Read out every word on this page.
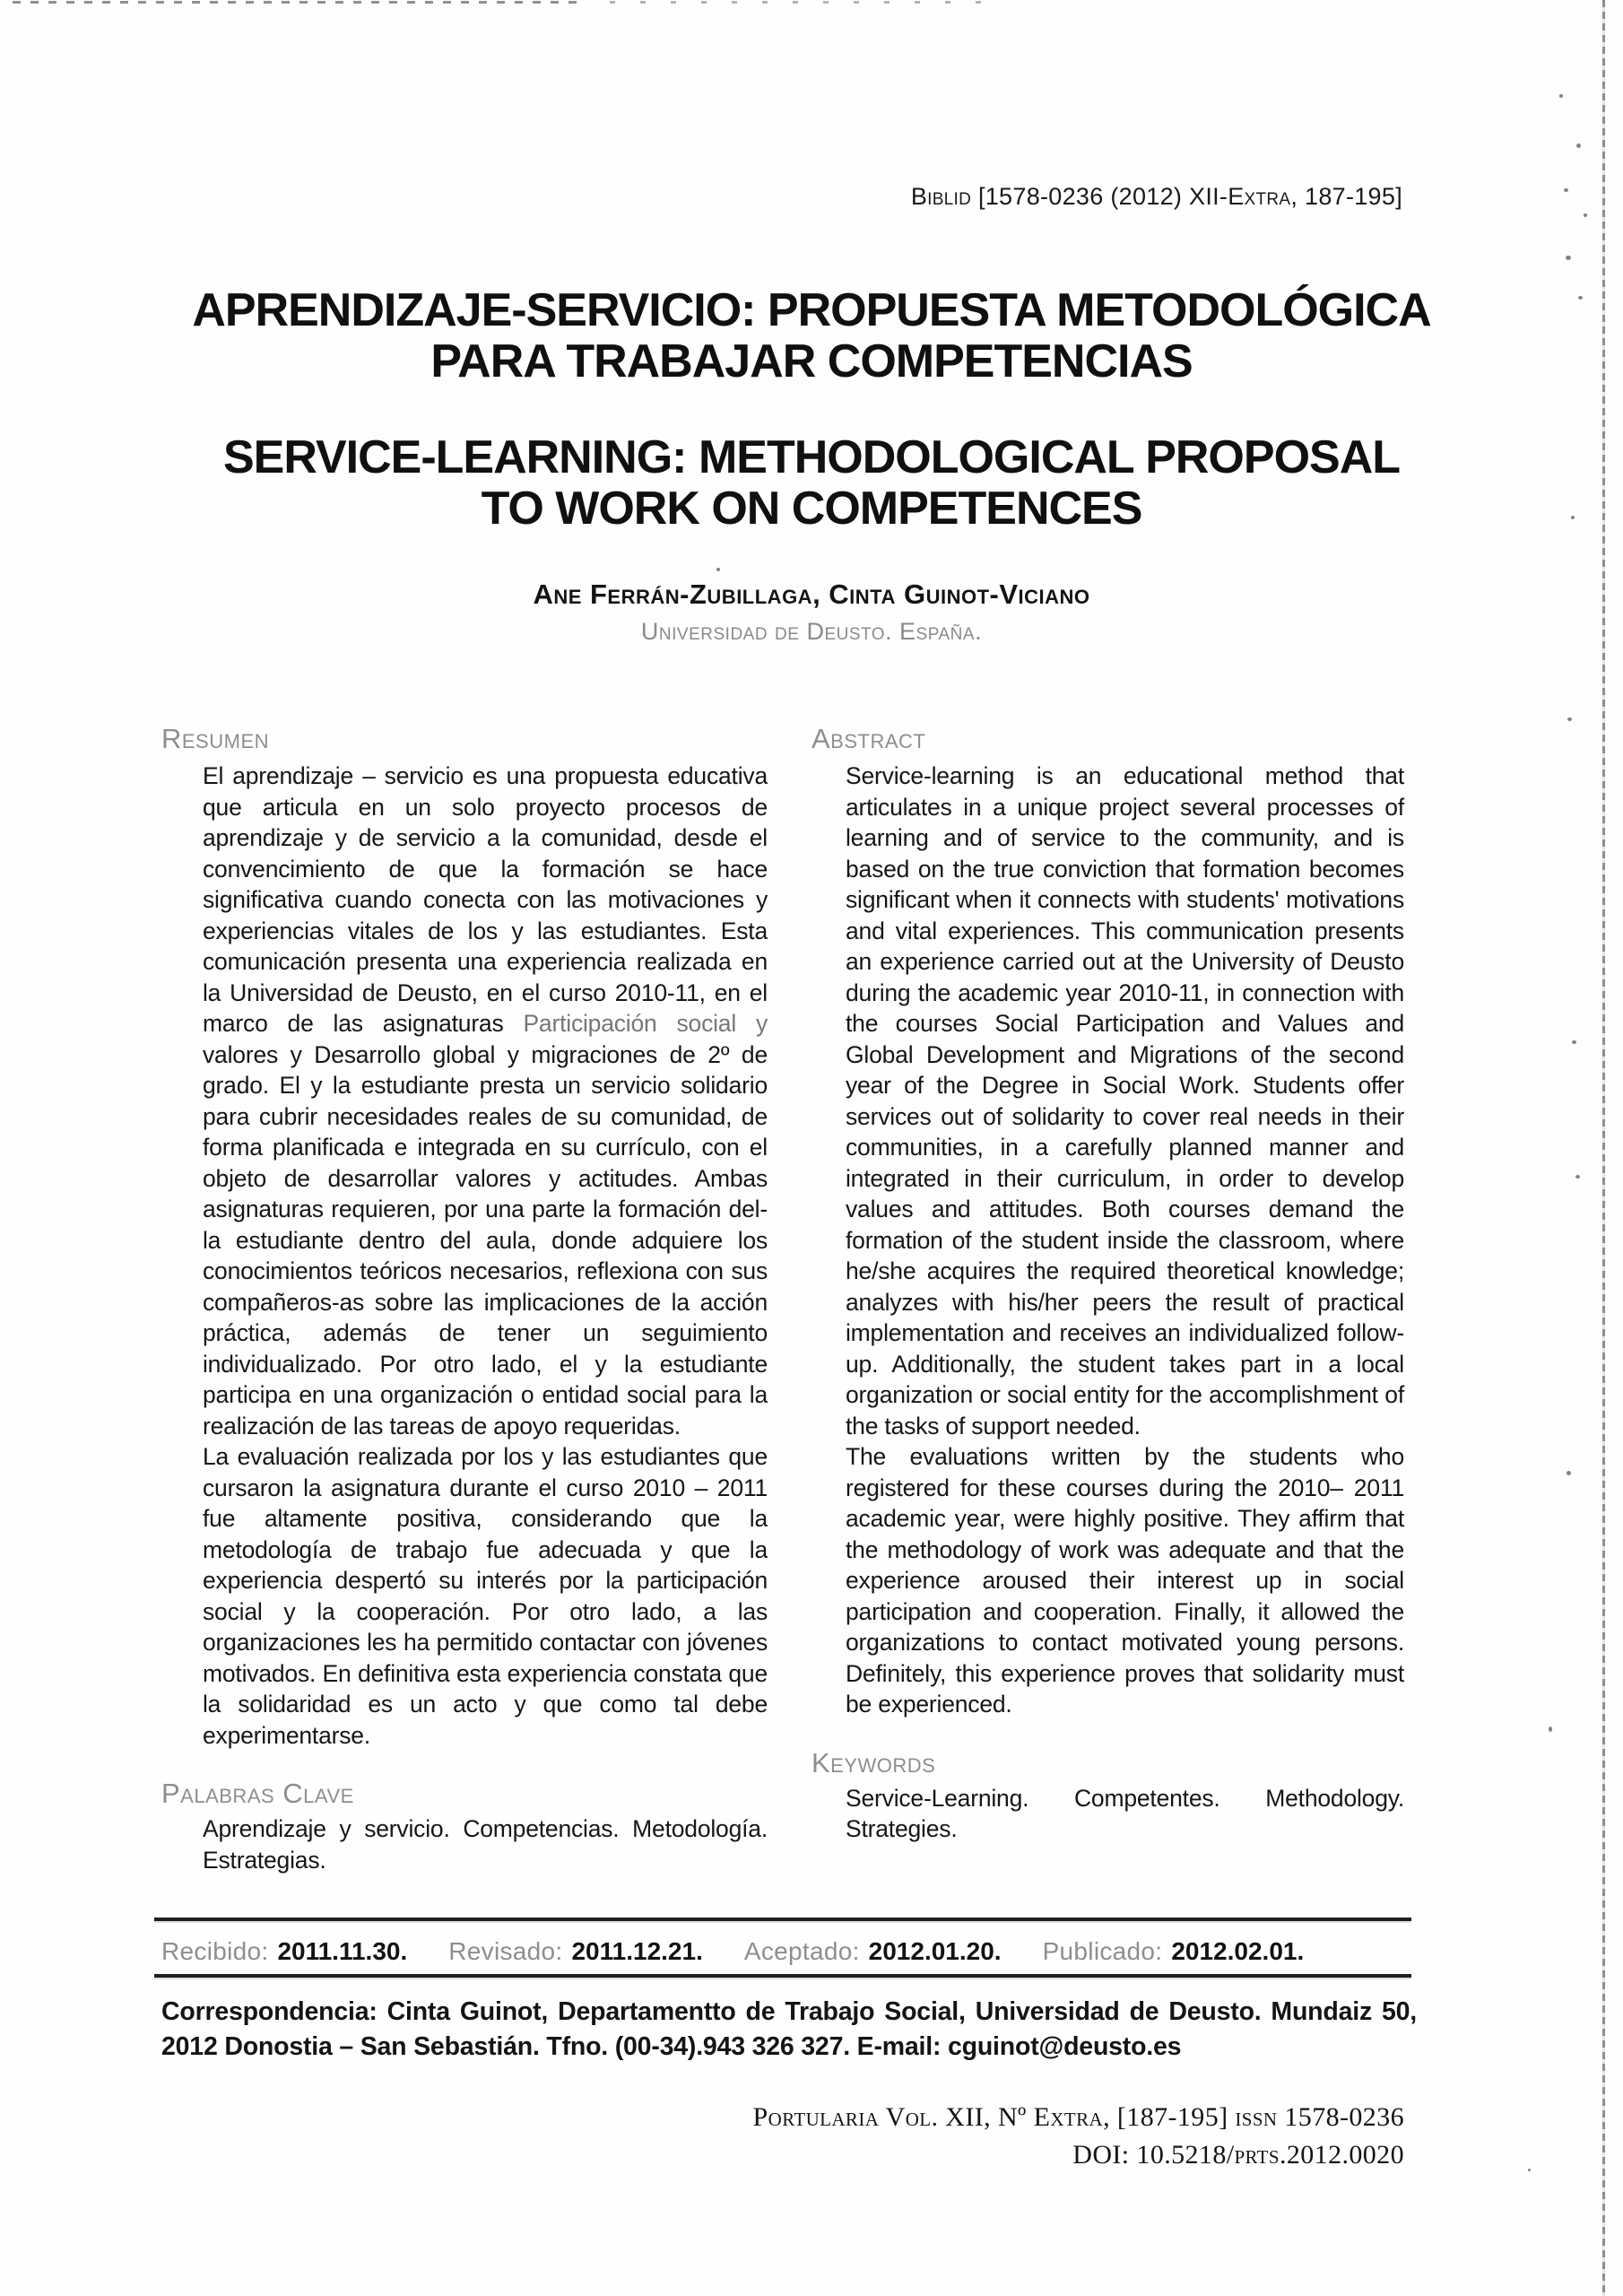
Biblid [1578-0236 (2012) XII-Extra, 187-195]
APRENDIZAJE-SERVICIO: PROPUESTA METODOLÓGICA
PARA TRABAJAR COMPETENCIAS
SERVICE-LEARNING: METHODOLOGICAL PROPOSAL
TO WORK ON COMPETENCES
Ane Ferrán-Zubillaga, Cinta Guinot-Viciano
Universidad de Deusto. España.
Resumen

El aprendizaje – servicio es una propuesta educativa que articula en un solo proyecto procesos de aprendizaje y de servicio a la comunidad, desde el convencimiento de que la formación se hace significativa cuando conecta con las motivaciones y experiencias vitales de los y las estudiantes. Esta comunicación presenta una experiencia realizada en la Universidad de Deusto, en el curso 2010-11, en el marco de las asignaturas Participación social y valores y Desarrollo global y migraciones de 2º de grado. El y la estudiante presta un servicio solidario para cubrir necesidades reales de su comunidad, de forma planificada e integrada en su currículo, con el objeto de desarrollar valores y actitudes. Ambas asignaturas requieren, por una parte la formación del-la estudiante dentro del aula, donde adquiere los conocimientos teóricos necesarios, reflexiona con sus compañeros-as sobre las implicaciones de la acción práctica, además de tener un seguimiento individualizado. Por otro lado, el y la estudiante participa en una organización o entidad social para la realización de las tareas de apoyo requeridas.

La evaluación realizada por los y las estudiantes que cursaron la asignatura durante el curso 2010 – 2011 fue altamente positiva, considerando que la metodología de trabajo fue adecuada y que la experiencia despertó su interés por la participación social y la cooperación. Por otro lado, a las organizaciones les ha permitido contactar con jóvenes motivados. En definitiva esta experiencia constata que la solidaridad es un acto y que como tal debe experimentarse.

Palabras Clave
Aprendizaje y servicio. Competencias. Metodología. Estrategias.
Abstract

Service-learning is an educational method that articulates in a unique project several processes of learning and of service to the community, and is based on the true conviction that formation becomes significant when it connects with students' motivations and vital experiences. This communication presents an experience carried out at the University of Deusto during the academic year 2010-11, in connection with the courses Social Participation and Values and Global Development and Migrations of the second year of the Degree in Social Work. Students offer services out of solidarity to cover real needs in their communities, in a carefully planned manner and integrated in their curriculum, in order to develop values and attitudes. Both courses demand the formation of the student inside the classroom, where he/she acquires the required theoretical knowledge; analyzes with his/her peers the result of practical implementation and receives an individualized follow-up. Additionally, the student takes part in a local organization or social entity for the accomplishment of the tasks of support needed.

The evaluations written by the students who registered for these courses during the 2010– 2011 academic year, were highly positive. They affirm that the methodology of work was adequate and that the experience aroused their interest up in social participation and cooperation. Finally, it allowed the organizations to contact motivated young persons. Definitely, this experience proves that solidarity must be experienced.

Keywords
Service-Learning. Competentes. Methodology. Strategies.
Recibido: 2011.11.30. Revisado: 2011.12.21. Aceptado: 2012.01.20. Publicado: 2012.02.01.
Correspondencia: Cinta Guinot, Departamentto de Trabajo Social, Universidad de Deusto. Mundaiz 50, 2012 Donostia – San Sebastián. Tfno. (00-34).943 326 327. E-mail: cguinot@deusto.es
Portularia Vol. XII, Nº Extra, [187-195] issn 1578-0236
DOI: 10.5218/prts.2012.0020
